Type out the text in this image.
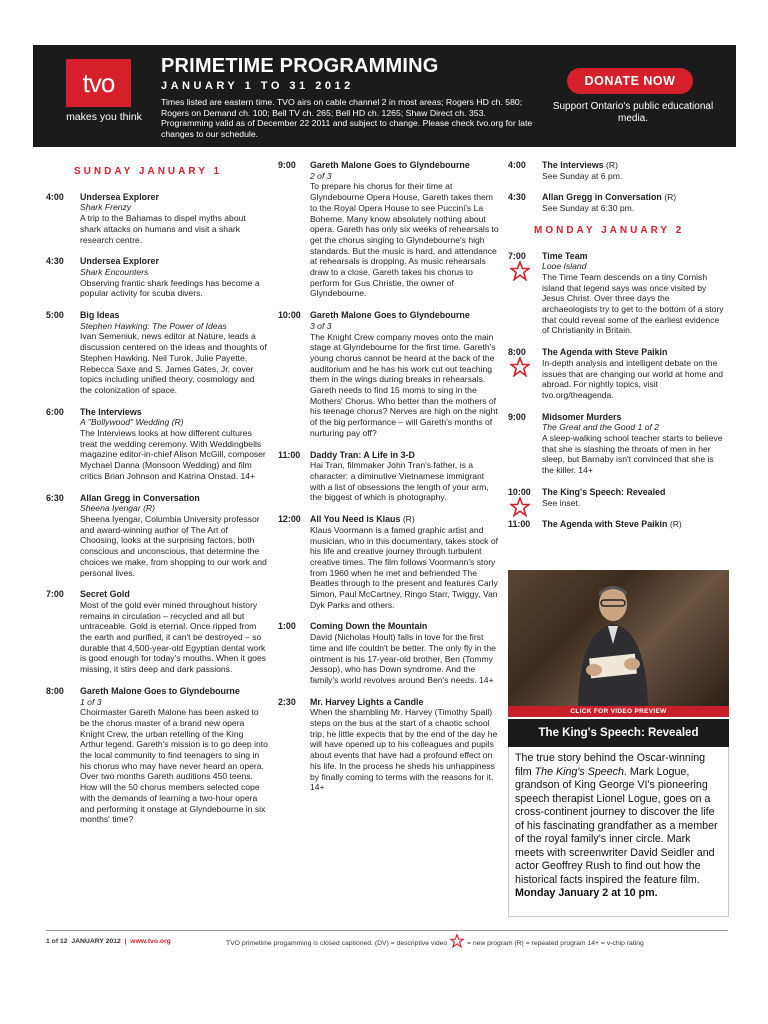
tvo
makes you think
PRIMETIME PROGRAMMING
JANUARY 1 TO 31 2012
Times listed are eastern time. TVO airs on cable channel 2 in most areas; Rogers HD ch. 580; Rogers on Demand ch. 100; Bell TV ch. 265; Bell HD ch. 1265; Shaw Direct ch. 353. Programming valid as of December 22 2011 and subject to change. Please check tvo.org for late changes to our schedule.
DONATE NOW
Support Ontario's public educational media.
SUNDAY JANUARY 1
4:00 Undersea Explorer
Shark Frenzy
A trip to the Bahamas to dispel myths about shark attacks on humans and visit a shark research centre.
4:30 Undersea Explorer
Shark Encounters
Observing frantic shark feedings has become a popular activity for scuba divers.
5:00 Big Ideas
Stephen Hawking: The Power of Ideas
Ivan Semeniuk, news editor at Nature, leads a discussion centered on the ideas and thoughts of Stephen Hawking. Neil Turok, Julie Payette, Rebecca Saxe and S. James Gates, Jr. cover topics including unified theory, cosmology and the colonization of space.
6:00 The Interviews
A "Bollywood" Wedding (R)
The Interviews looks at how different cultures treat the wedding ceremony. With Weddingbells magazine editor-in-chief Alison McGill, composer Mychael Danna (Monsoon Wedding) and film critics Brian Johnson and Katrina Onstad. 14+
6:30 Allan Gregg in Conversation
Sheena Iyengar (R)
Sheena Iyengar, Columbia University professor and award-winning author of The Art of Choosing, looks at the surprising factors, both conscious and unconscious, that determine the choices we make, from shopping to our work and personal lives.
7:00 Secret Gold
Most of the gold ever mined throughout history remains in circulation – recycled and all but untraceable. Gold is eternal. Once ripped from the earth and purified, it can't be destroyed – so durable that 4,500-year-old Egyptian dental work is good enough for today's mouths. When it goes missing, it stirs deep and dark passions.
8:00 Gareth Malone Goes to Glyndebourne
1 of 3
Choirmaster Gareth Malone has been asked to be the chorus master of a brand new opera Knight Crew, the urban retelling of the King Arthur legend. Gareth's mission is to go deep into the local community to find teenagers to sing in his chorus who may have never heard an opera. Over two months Gareth auditions 450 teens. How will the 50 chorus members selected cope with the demands of learning a two-hour opera and performing it onstage at Glyndebourne in six months' time?
9:00 Gareth Malone Goes to Glyndebourne
2 of 3
To prepare his chorus for their time at Glyndebourne Opera House, Gareth takes them to the Royal Opera House to see Puccini's La Boheme. Many know absolutely nothing about opera. Gareth has only six weeks of rehearsals to get the chorus singing to Glyndebourne's high standards. But the music is hard, and attendance at rehearsals is dropping. As music rehearsals draw to a close, Gareth takes his chorus to perform for Gus Christie, the owner of Glyndebourne.
10:00 Gareth Malone Goes to Glyndebourne
3 of 3
The Knight Crew company moves onto the main stage at Glyndebourne for the first time. Gareth's young chorus cannot be heard at the back of the auditorium and he has his work cut out teaching them in the wings during breaks in rehearsals. Gareth needs to find 15 moms to sing in the Mothers' Chorus. Who better than the mothers of his teenage chorus? Nerves are high on the night of the big performance – will Gareth's months of nurturing pay off?
11:00 Daddy Tran: A Life in 3-D
Hai Tran, filmmaker John Tran's father, is a character: a diminutive Vietnamese immigrant with a list of obsessions the length of your arm, the biggest of which is photography.
12:00 All You Need is Klaus (R)
Klaus Voormann is a famed graphic artist and musician, who in this documentary, takes stock of his life and creative journey through turbulent creative times. The film follows Voormann's story from 1960 when he met and befriended The Beatles through to the present and features Carly Simon, Paul McCartney, Ringo Starr, Twiggy, Van Dyk Parks and others.
1:00 Coming Down the Mountain
David (Nicholas Hoult) falls in love for the first time and life couldn't be better. The only fly in the ointment is his 17-year-old brother, Ben (Tommy Jessop), who has Down syndrome. And the family's world revolves around Ben's needs. 14+
2:30 Mr. Harvey Lights a Candle
When the shambling Mr. Harvey (Timothy Spall) steps on the bus at the start of a chaotic school trip, he little expects that by the end of the day he will have opened up to his colleagues and pupils about events that have had a profound effect on his life. In the process he sheds his unhappiness by finally coming to terms with the reasons for it. 14+
4:00 The Interviews (R)
See Sunday at 6 pm.
4:30 Allan Gregg in Conversation (R)
See Sunday at 6:30 pm.
MONDAY JANUARY 2
7:00 Time Team
Looe Island
The Time Team descends on a tiny Cornish island that legend says was once visited by Jesus Christ. Over three days the archaeologists try to get to the bottom of a story that could reveal some of the earliest evidence of Christianity in Britain.
8:00 The Agenda with Steve Paikin
In-depth analysis and intelligent debate on the issues that are changing our world at home and abroad. For nightly topics, visit tvo.org/theagenda.
9:00 Midsomer Murders
The Great and the Good 1 of 2
A sleep-walking school teacher starts to believe that she is slashing the throats of men in her sleep, but Barnaby isn't convinced that she is the killer. 14+
10:00 The King's Speech: Revealed
See inset.
11:00 The Agenda with Steve Paikin (R)
CLICK FOR VIDEO PREVIEW
The King's Speech: Revealed
The true story behind the Oscar-winning film The King's Speech. Mark Logue, grandson of King George VI's pioneering speech therapist Lionel Logue, goes on a cross-continent journey to discover the life of his fascinating grandfather as a member of the royal family's inner circle. Mark meets with screenwriter David Seidler and actor Geoffrey Rush to find out how the historical facts inspired the feature film. Monday January 2 at 10 pm.
1 of 12 JANUARY 2012 | www.tvo.org	TVO primetime progamming is closed captioned. (DV) = descriptive video	= new program (R) = repeated program 14+ = v-chip rating
